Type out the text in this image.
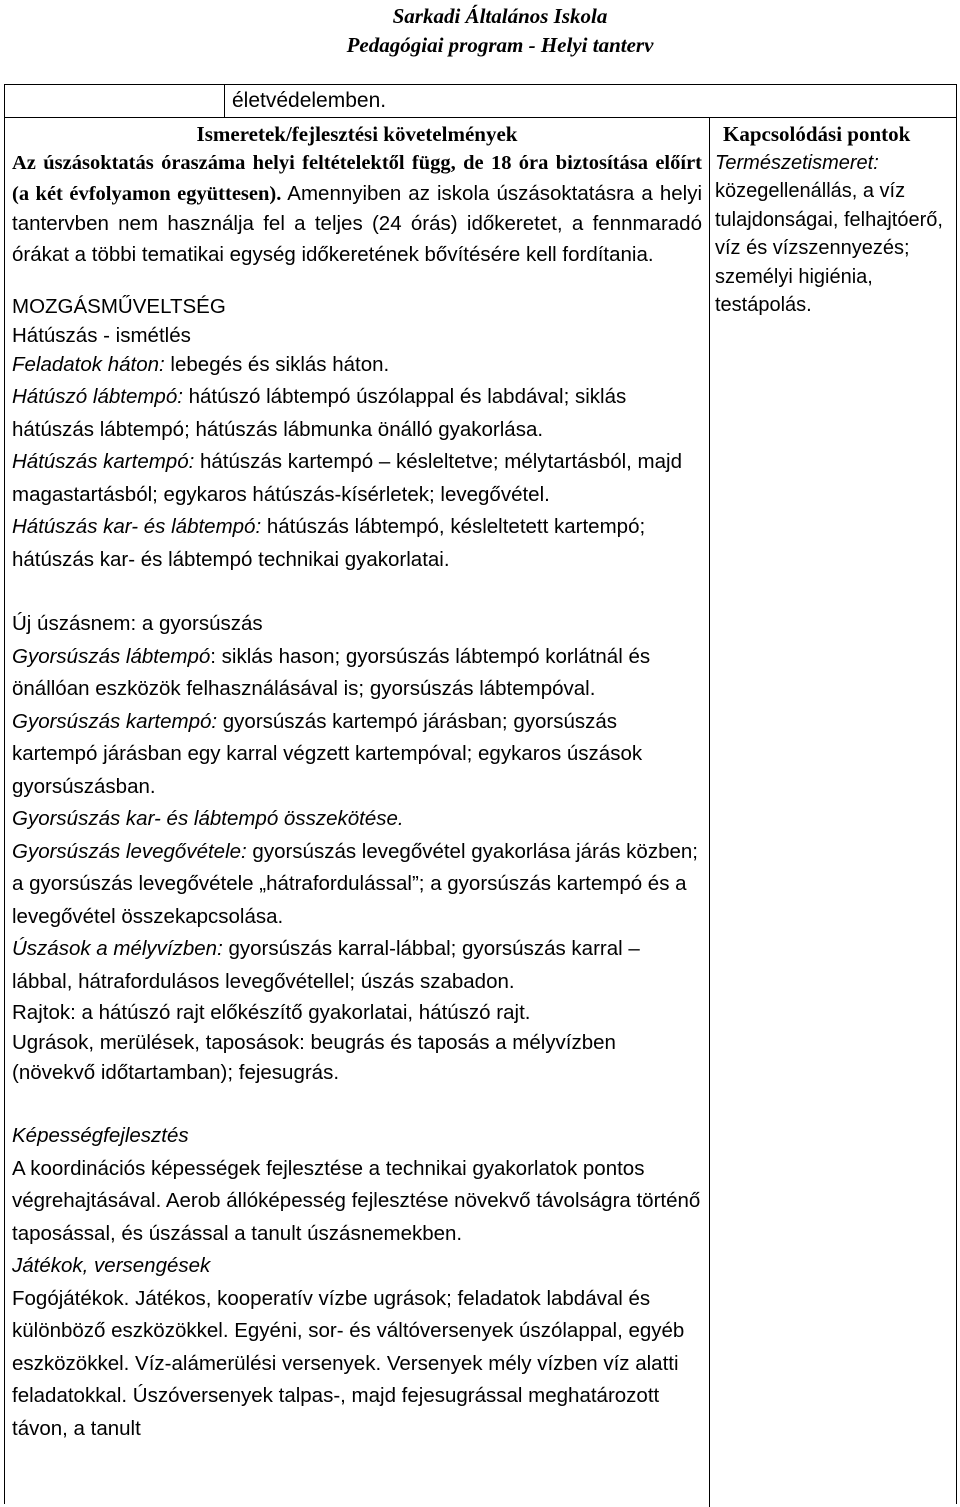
Sarkadi Általános Iskola
Pedagógiai program - Helyi tanterv
életvédelemben.

Ismeretek/fejlesztési követelmények

Az úszásoktatás óraszáma helyi feltételektől függ, de 18 óra biztosítása előírt (a két évfolyamon együttesen). Amennyiben az iskola úszásoktatásra a helyi tantervben nem használja fel a teljes (24 órás) időkeretet, a fennmaradó órákat a többi tematikai egység időkeretének bővítésére kell fordítania.

MOZGÁSMŰVELTSÉG

Hátúszás - ismétlés

Feladatok háton: lebegés és siklás háton.

Hátúszó lábtempó: hátúszó lábtempó úszólappal és labdával; siklás hátúszás lábtempó; hátúszás lábmunka önálló gyakorlása.

Hátúszás kartempó: hátúszás kartempó – késleltetve; mélytartásból, majd magastartásból; egykaros hátúszás-kísérletek; levegővétel.

Hátúszás kar- és lábtempó: hátúszás lábtempó, késleltetett kartempó; hátúszás kar- és lábtempó technikai gyakorlatai.

Új úszásnem: a gyorsúszás

Gyorsúszás lábtempó: siklás hason; gyorsúszás lábtempó korlátnál és önállóan eszközök felhasználásával is; gyorsúszás lábtempóval.

Gyorsúszás kartempó: gyorsúszás kartempó járásban; gyorsúszás kartempó járásban egy karral végzett kartempóval; egykaros úszások gyorsúszásban.

Gyorsúszás kar- és lábtempó összekötése.

Gyorsúszás levegővétele: gyorsúszás levegővétel gyakorlása járás közben; a gyorsúszás levegővétele „hátrafordulással”; a gyorsúszás kartempó és a levegővétel összekapcsolása.

Úszások a mélyvízben: gyorsúszás karral-lábbal; gyorsúszás karral – lábbal, hátrafordulásos levegővétellel; úszás szabadon.

Rajtok: a hátúszó rajt előkészítő gyakorlatai, hátúszó rajt.

Ugrások, merülések, taposások: beugrás és taposás a mélyvízben (növekvő időtartamban); fejesugrás.

Képességfejlesztés

A koordinációs képességek fejlesztése a technikai gyakorlatok pontos végrehajtásával. Aerob állóképesség fejlesztése növekvő távolságra történő taposással, és úszással a tanult úszásnemekben.

Játékok, versengések

Fogójátékok. Játékos, kooperatív vízbe ugrások; feladatok labdával és különböző eszközökkel. Egyéni, sor- és váltóversenyek úszólappal, egyéb eszközökkel. Víz-alámerülési versenyek. Versenyek mély vízben víz alatti feladatokkal. Úszóversenyek talpas-, majd fejesugrással meghatározott távon, a tanult

Kapcsolódási pontok

Természetismeret:

közegellenállás, a víz tulajdonságai, felhajtóerő, víz és vízszennyezés; személyi higiénia, testápolás.
